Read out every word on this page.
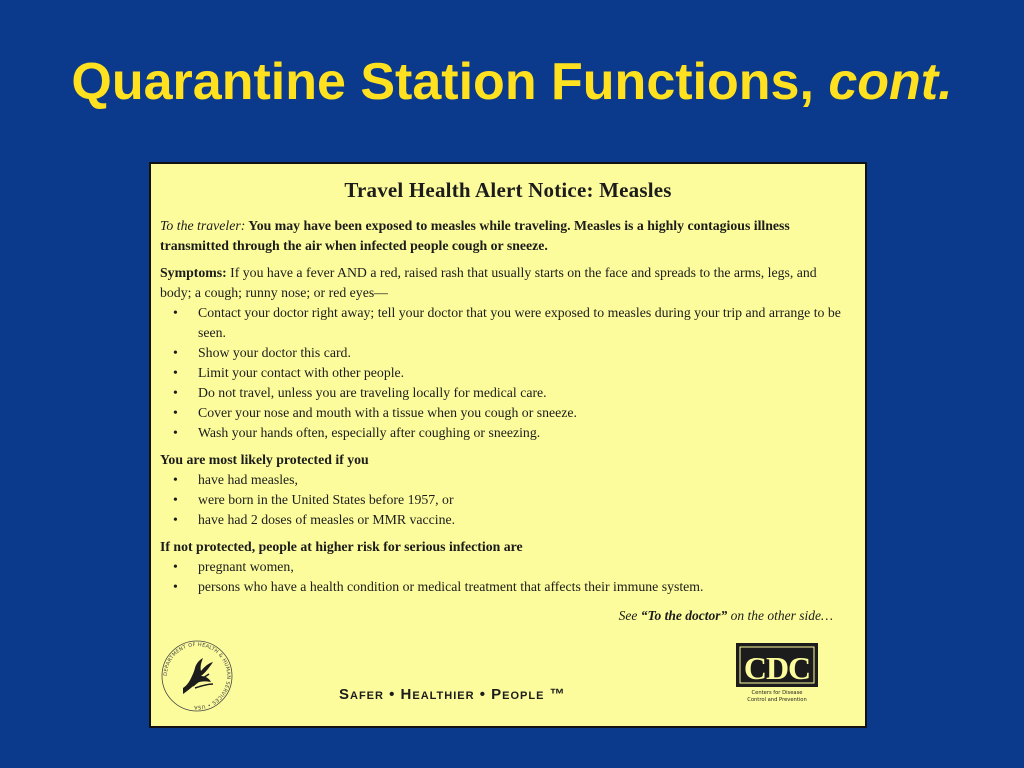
Quarantine Station Functions, cont.
Travel Health Alert Notice: Measles

To the traveler: You may have been exposed to measles while traveling. Measles is a highly contagious illness transmitted through the air when infected people cough or sneeze.

Symptoms: If you have a fever AND a red, raised rash that usually starts on the face and spreads to the arms, legs, and body; a cough; runny nose; or red eyes—

• Contact your doctor right away; tell your doctor that you were exposed to measles during your trip and arrange to be seen.
• Show your doctor this card.
• Limit your contact with other people.
• Do not travel, unless you are traveling locally for medical care.
• Cover your nose and mouth with a tissue when you cough or sneeze.
• Wash your hands often, especially after coughing or sneezing.

You are most likely protected if you

• have had measles,
• were born in the United States before 1957, or
• have had 2 doses of measles or MMR vaccine.

If not protected, people at higher risk for serious infection are

• pregnant women,
• persons who have a health condition or medical treatment that affects their immune system.
See “To the doctor” on the other side…
DEPARTMENT OF HEALTH & HUMAN SERVICES • USA
Safer • Healthier • People ™
CDC
Centers for Disease
Control and Prevention
